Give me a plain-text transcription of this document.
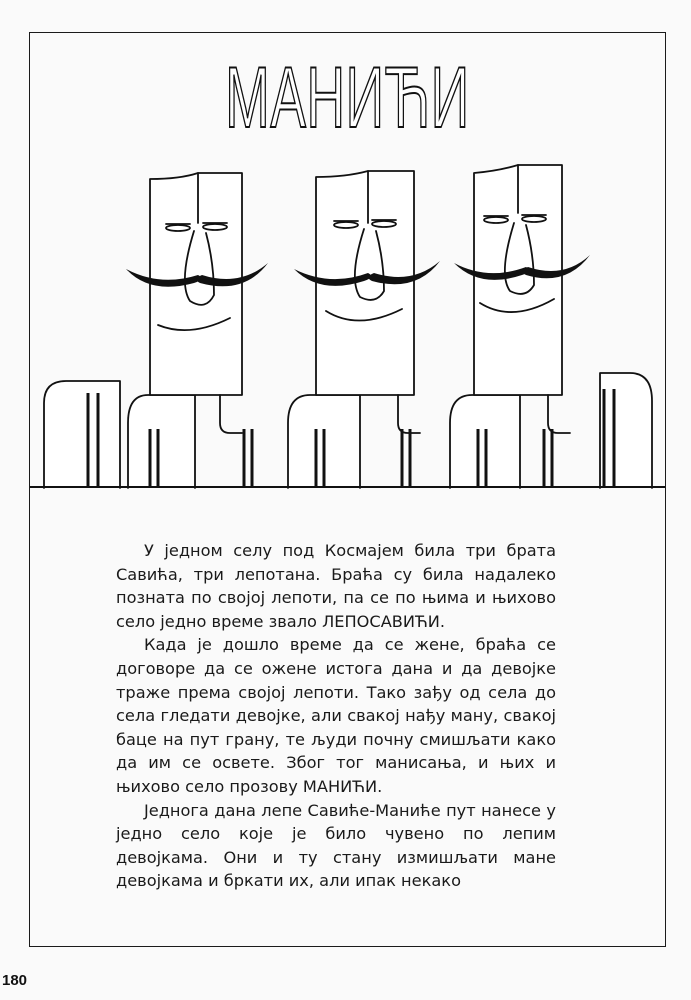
МАНИЋИ

У једном селу под Космајем била три брата Савића, три лепотана. Браћа су била надалеко позната по својој лепоти, па се по њима и њихово село једно време звало ЛЕПОСАВИЋИ.

Када је дошло време да се жене, браћа се договоре да се ожене истога дана и да девојке траже према својој лепоти. Тако зађу од села до села гледати девојке, али свакој нађу ману, свакој баце на пут грану, те људи почну смишљати како да им се освете. Због тог манисања, и њих и њихово село прозову МАНИЋИ.

Једнога дана лепе Савиће-Маниће пут нанесе у једно село које је било чувено по лепим девојкама. Они и ту стану измишљати мане девојкама и бркати их, али ипак некако

180
